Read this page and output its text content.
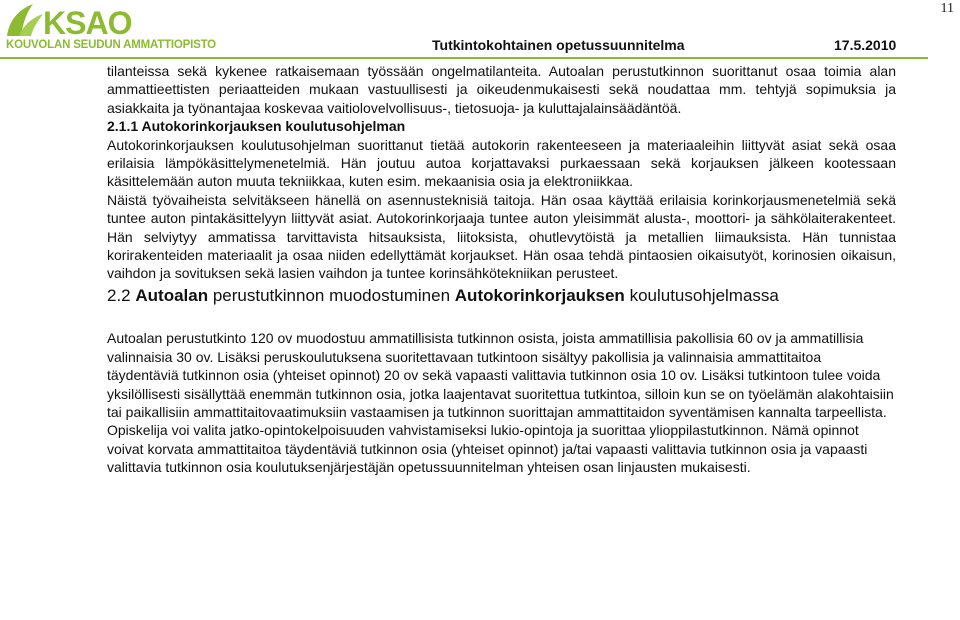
11
KSAO
KOUVOLAN SEUDUN AMMATTIOPISTO	Tutkintokohtainen opetussuunnitelma	17.5.2010

tilanteissa sekä kykenee ratkaisemaan työssään ongelmatilanteita. Autoalan perustutkinnon suorittanut osaa toimia alan ammattieettisten periaatteiden mukaan vastuullisesti ja oikeudenmukaisesti sekä noudattaa mm. tehtyjä sopimuksia ja asiakkaita ja työnantajaa koskevaa vaitiolovelvollisuus-, tietosuoja- ja kuluttajalainsäädäntöä.

2.1.1 Autokorinkorjauksen koulutusohjelman

Autokorinkorjauksen koulutusohjelman suorittanut tietää autokorin rakenteeseen ja materiaaleihin liittyvät asiat sekä osaa erilaisia lämpökäsittelymenetelmiä. Hän joutuu autoa korjattavaksi purkaessaan sekä korjauksen jälkeen kootessaan käsittelemään auton muuta tekniikkaa, kuten esim. mekaanisia osia ja elektroniikkaa.

Näistä työvaiheista selvitäkseen hänellä on asennusteknisiä taitoja. Hän osaa käyttää erilaisia korinkorjausmenetelmiä sekä tuntee auton pintakäsittelyyn liittyvät asiat. Autokorinkorjaaja tuntee auton yleisimmät alusta-, moottori- ja sähkölaiterakenteet. Hän selviytyy ammatissa tarvittavista hitsauksista, liitoksista, ohutlevytöistä ja metallien liimauksista. Hän tunnistaa korirakenteiden materiaalit ja osaa niiden edellyttämät korjaukset. Hän osaa tehdä pintaosien oikaisutyöt, korinosien oikaisun, vaihdon ja sovituksen sekä lasien vaihdon ja tuntee korinsähkötekniikan perusteet.

2.2 Autoalan perustutkinnon muodostuminen Autokorinkorjauksen koulutusohjelmassa

Autoalan perustutkinto 120 ov muodostuu ammatillisista tutkinnon osista, joista ammatillisia pakollisia 60 ov ja ammatillisia valinnaisia 30 ov. Lisäksi peruskoulutuksena suoritettavaan tutkintoon sisältyy pakollisia ja valinnaisia ammattitaitoa täydentäviä tutkinnon osia (yhteiset opinnot) 20 ov sekä vapaasti valittavia tutkinnon osia 10 ov. Lisäksi tutkintoon tulee voida yksilöllisesti sisällyttää enemmän tutkinnon osia, jotka laajentavat suoritettua tutkintoa, silloin kun se on työelämän alakohtaisiin tai paikallisiin ammattitaitovaatimuksiin vastaamisen ja tutkinnon suorittajan ammattitaidon syventämisen kannalta tarpeellista.

Opiskelija voi valita jatko-opintokelpoisuuden vahvistamiseksi lukio-opintoja ja suorittaa ylioppilastutkinnon. Nämä opinnot voivat korvata ammattitaitoa täydentäviä tutkinnon osia (yhteiset opinnot) ja/tai vapaasti valittavia tutkinnon osia ja vapaasti valittavia tutkinnon osia koulutuksenjärjestäjän opetussuunnitelman yhteisen osan linjausten mukaisesti.
